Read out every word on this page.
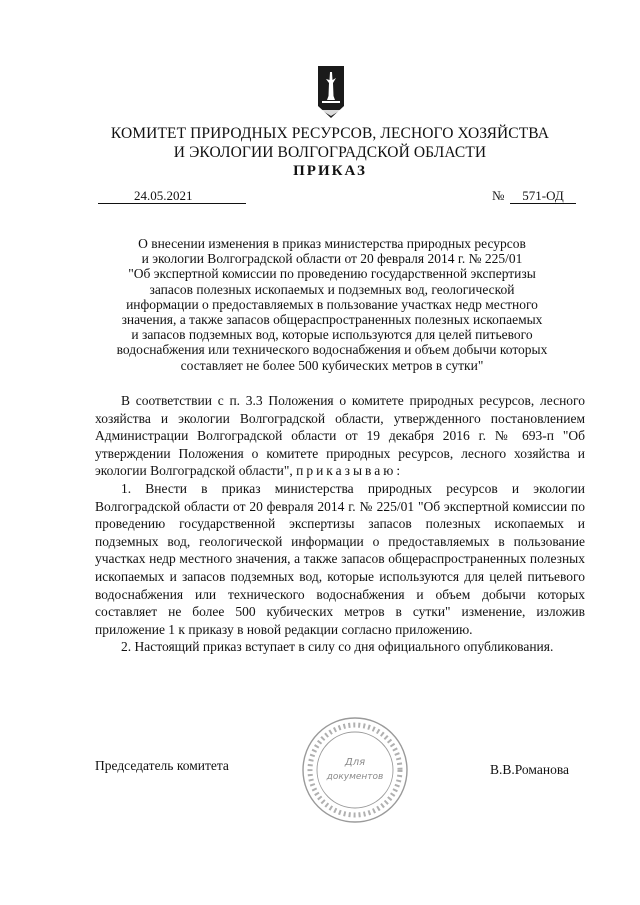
КОМИТЕТ ПРИРОДНЫХ РЕСУРСОВ, ЛЕСНОГО ХОЗЯЙСТВА
И ЭКОЛОГИИ ВОЛГОГРАДСКОЙ ОБЛАСТИ
ПРИКАЗ
24.05.2021	№	571-ОД
О внесении изменения в приказ министерства природных ресурсов
и экологии Волгоградской области от 20 февраля 2014 г. № 225/01
"Об экспертной комиссии по проведению государственной экспертизы
запасов полезных ископаемых и подземных вод, геологической
информации о предоставляемых в пользование участках недр местного
значения, а также запасов общераспространенных полезных ископаемых
и запасов подземных вод, которые используются для целей питьевого
водоснабжения или технического водоснабжения и объем добычи которых
составляет не более 500 кубических метров в сутки"

В соответствии с п. 3.3 Положения о комитете природных ресурсов, лесного хозяйства и экологии Волгоградской области, утвержденного постановлением Администрации Волгоградской области от 19 декабря 2016 г. № 693-п "Об утверждении Положения о комитете природных ресурсов, лесного хозяйства и экологии Волгоградской области", приказываю:

1. Внести в приказ министерства природных ресурсов и экологии Волгоградской области от 20 февраля 2014 г. № 225/01 "Об экспертной комиссии по проведению государственной экспертизы запасов полезных ископаемых и подземных вод, геологической информации о предоставляемых в пользование участках недр местного значения, а также запасов общераспространенных полезных ископаемых и запасов подземных вод, которые используются для целей питьевого водоснабжения или технического водоснабжения и объем добычи которых составляет не более 500 кубических метров в сутки" изменение, изложив приложение 1 к приказу в новой редакции согласно приложению.

2. Настоящий приказ вступает в силу со дня официального опубликования.

Председатель комитета	Для
документов	В.В.Романова
